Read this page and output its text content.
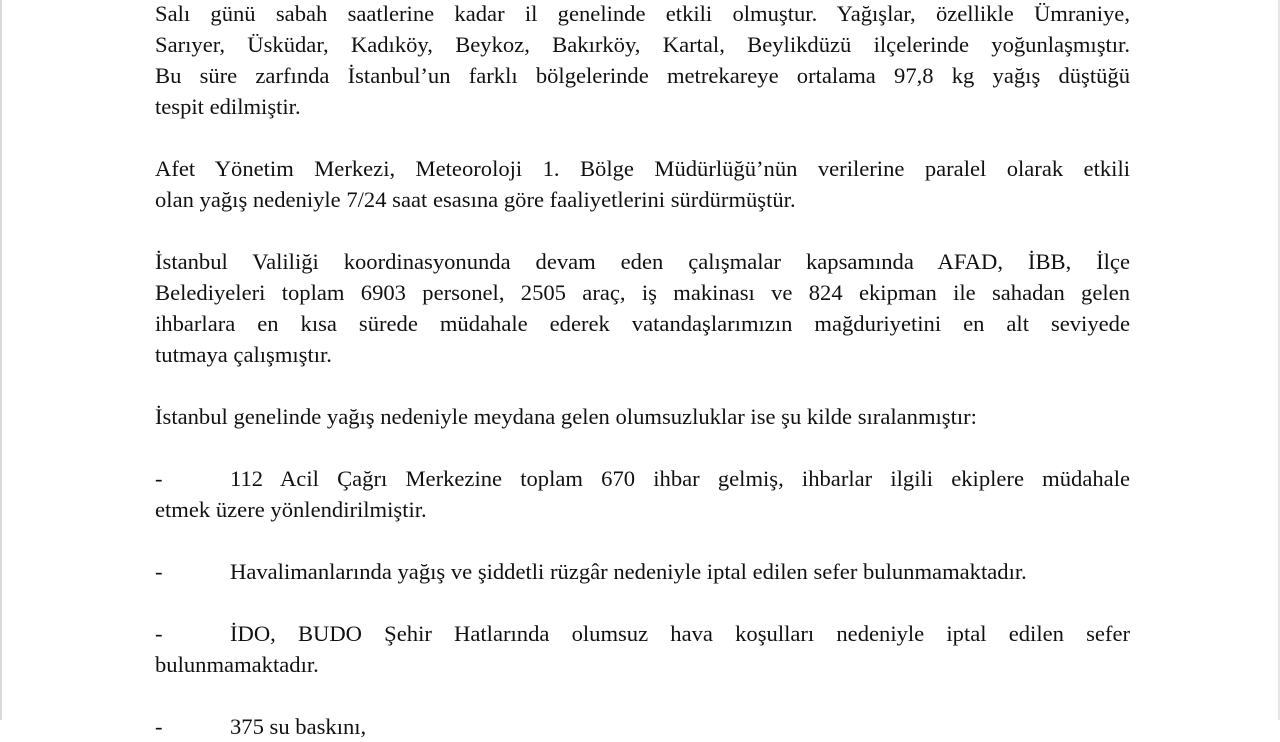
Salı günü sabah saatlerine kadar il genelinde etkili olmuştur. Yağışlar, özellikle Ümraniye,

Sarıyer, Üsküdar, Kadıköy, Beykoz, Bakırköy, Kartal, Beylikdüzü ilçelerinde yoğunlaşmıştır.

Bu süre zarfında İstanbul’un farklı bölgelerinde metrekareye ortalama 97,8 kg yağış düştüğü

tespit edilmiştir.

Afet Yönetim Merkezi, Meteoroloji 1. Bölge Müdürlüğü’nün verilerine paralel olarak etkili

olan yağış nedeniyle 7/24 saat esasına göre faaliyetlerini sürdürmüştür.

İstanbul Valiliği koordinasyonunda devam eden çalışmalar kapsamında AFAD, İBB, İlçe

Belediyeleri toplam 6903 personel, 2505 araç, iş makinası ve 824 ekipman ile sahadan gelen

ihbarlara en kısa sürede müdahale ederek vatandaşlarımızın mağduriyetini en alt seviyede

tutmaya çalışmıştır.

İstanbul genelinde yağış nedeniyle meydana gelen olumsuzluklar ise şu kilde sıralanmıştır:

-	112 Acil Çağrı Merkezine toplam 670 ihbar gelmiş, ihbarlar ilgili ekiplere müdahale

etmek üzere yönlendirilmiştir.

-	Havalimanlarında yağış ve şiddetli rüzgâr nedeniyle iptal edilen sefer bulunmamaktadır.
-	İDO, BUDO Şehir Hatlarında olumsuz hava koşulları nedeniyle iptal edilen sefer

bulunmamaktadır.

-	375 su baskını,
